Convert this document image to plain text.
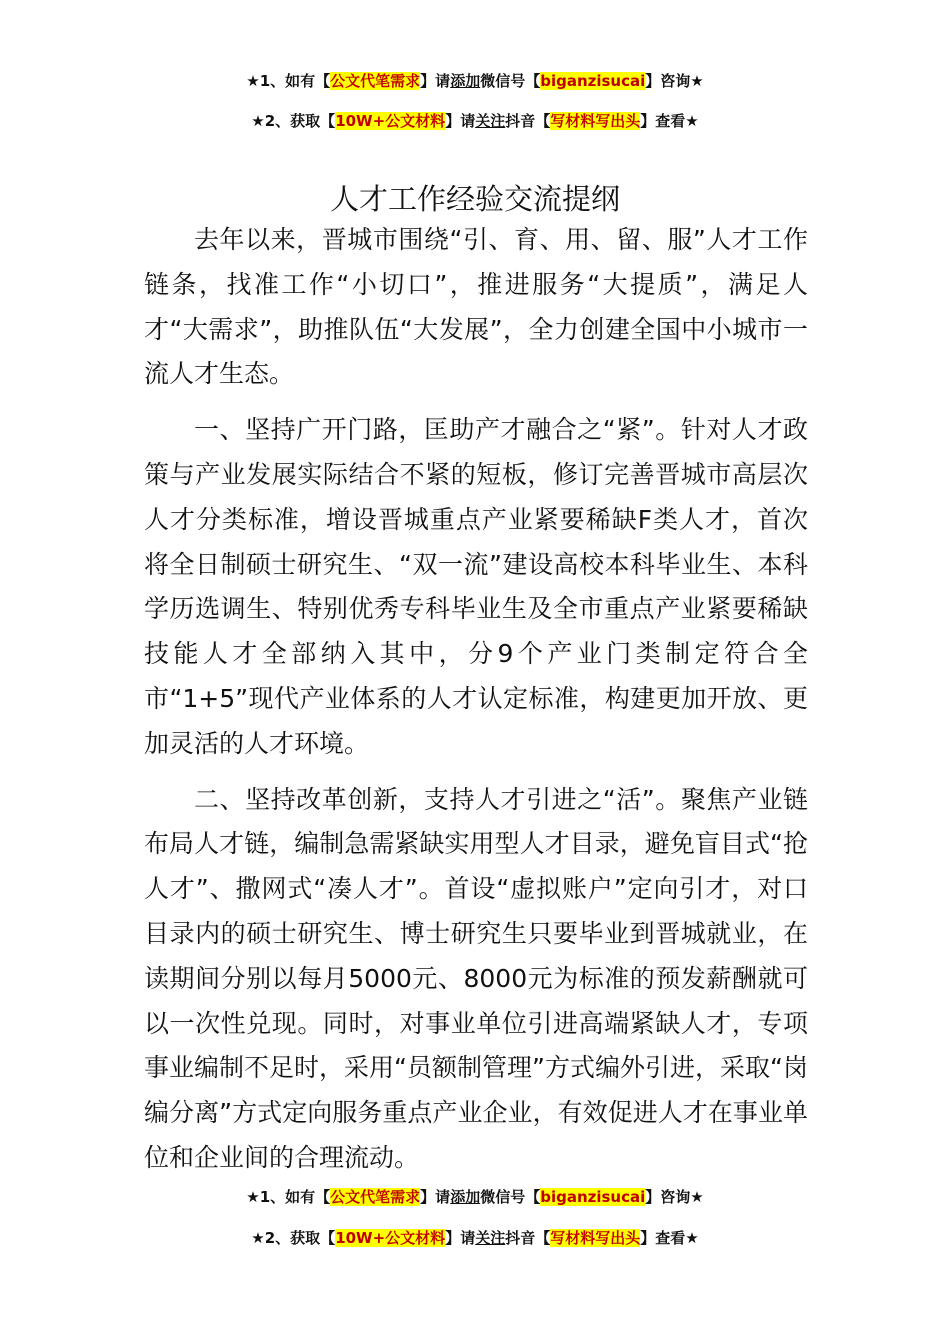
★1、如有【公文代笔需求】请添加微信号【biganzisucai】咨询★
★2、获取【10W+公文材料】请关注抖音【写材料写出头】查看★
人才工作经验交流提纲

去年以来，晋城市围绕“引、育、用、留、服”人才工作链条，找准工作“小切口”，推进服务“大提质”，满足人才“大需求”，助推队伍“大发展”，全力创建全国中小城市一流人才生态。

一、坚持广开门路，匡助产才融合之“紧”。针对人才政策与产业发展实际结合不紧的短板，修订完善晋城市高层次人才分类标准，增设晋城重点产业紧要稀缺F类人才，首次将全日制硕士研究生、“双一流”建设高校本科毕业生、本科学历选调生、特别优秀专科毕业生及全市重点产业紧要稀缺技能人才全部纳入其中，分9个产业门类制定符合全市“1+5”现代产业体系的人才认定标准，构建更加开放、更加灵活的人才环境。

二、坚持改革创新，支持人才引进之“活”。聚焦产业链布局人才链，编制急需紧缺实用型人才目录，避免盲目式“抢人才”、撒网式“凑人才”。首设“虚拟账户”定向引才，对口目录内的硕士研究生、博士研究生只要毕业到晋城就业，在读期间分别以每月5000元、8000元为标准的预发薪酬就可以一次性兑现。同时，对事业单位引进高端紧缺人才，专项事业编制不足时，采用“员额制管理”方式编外引进，采取“岗编分离”方式定向服务重点产业企业，有效促进人才在事业单位和企业间的合理流动。

★1、如有【公文代笔需求】请添加微信号【biganzisucai】咨询★
★2、获取【10W+公文材料】请关注抖音【写材料写出头】查看★
